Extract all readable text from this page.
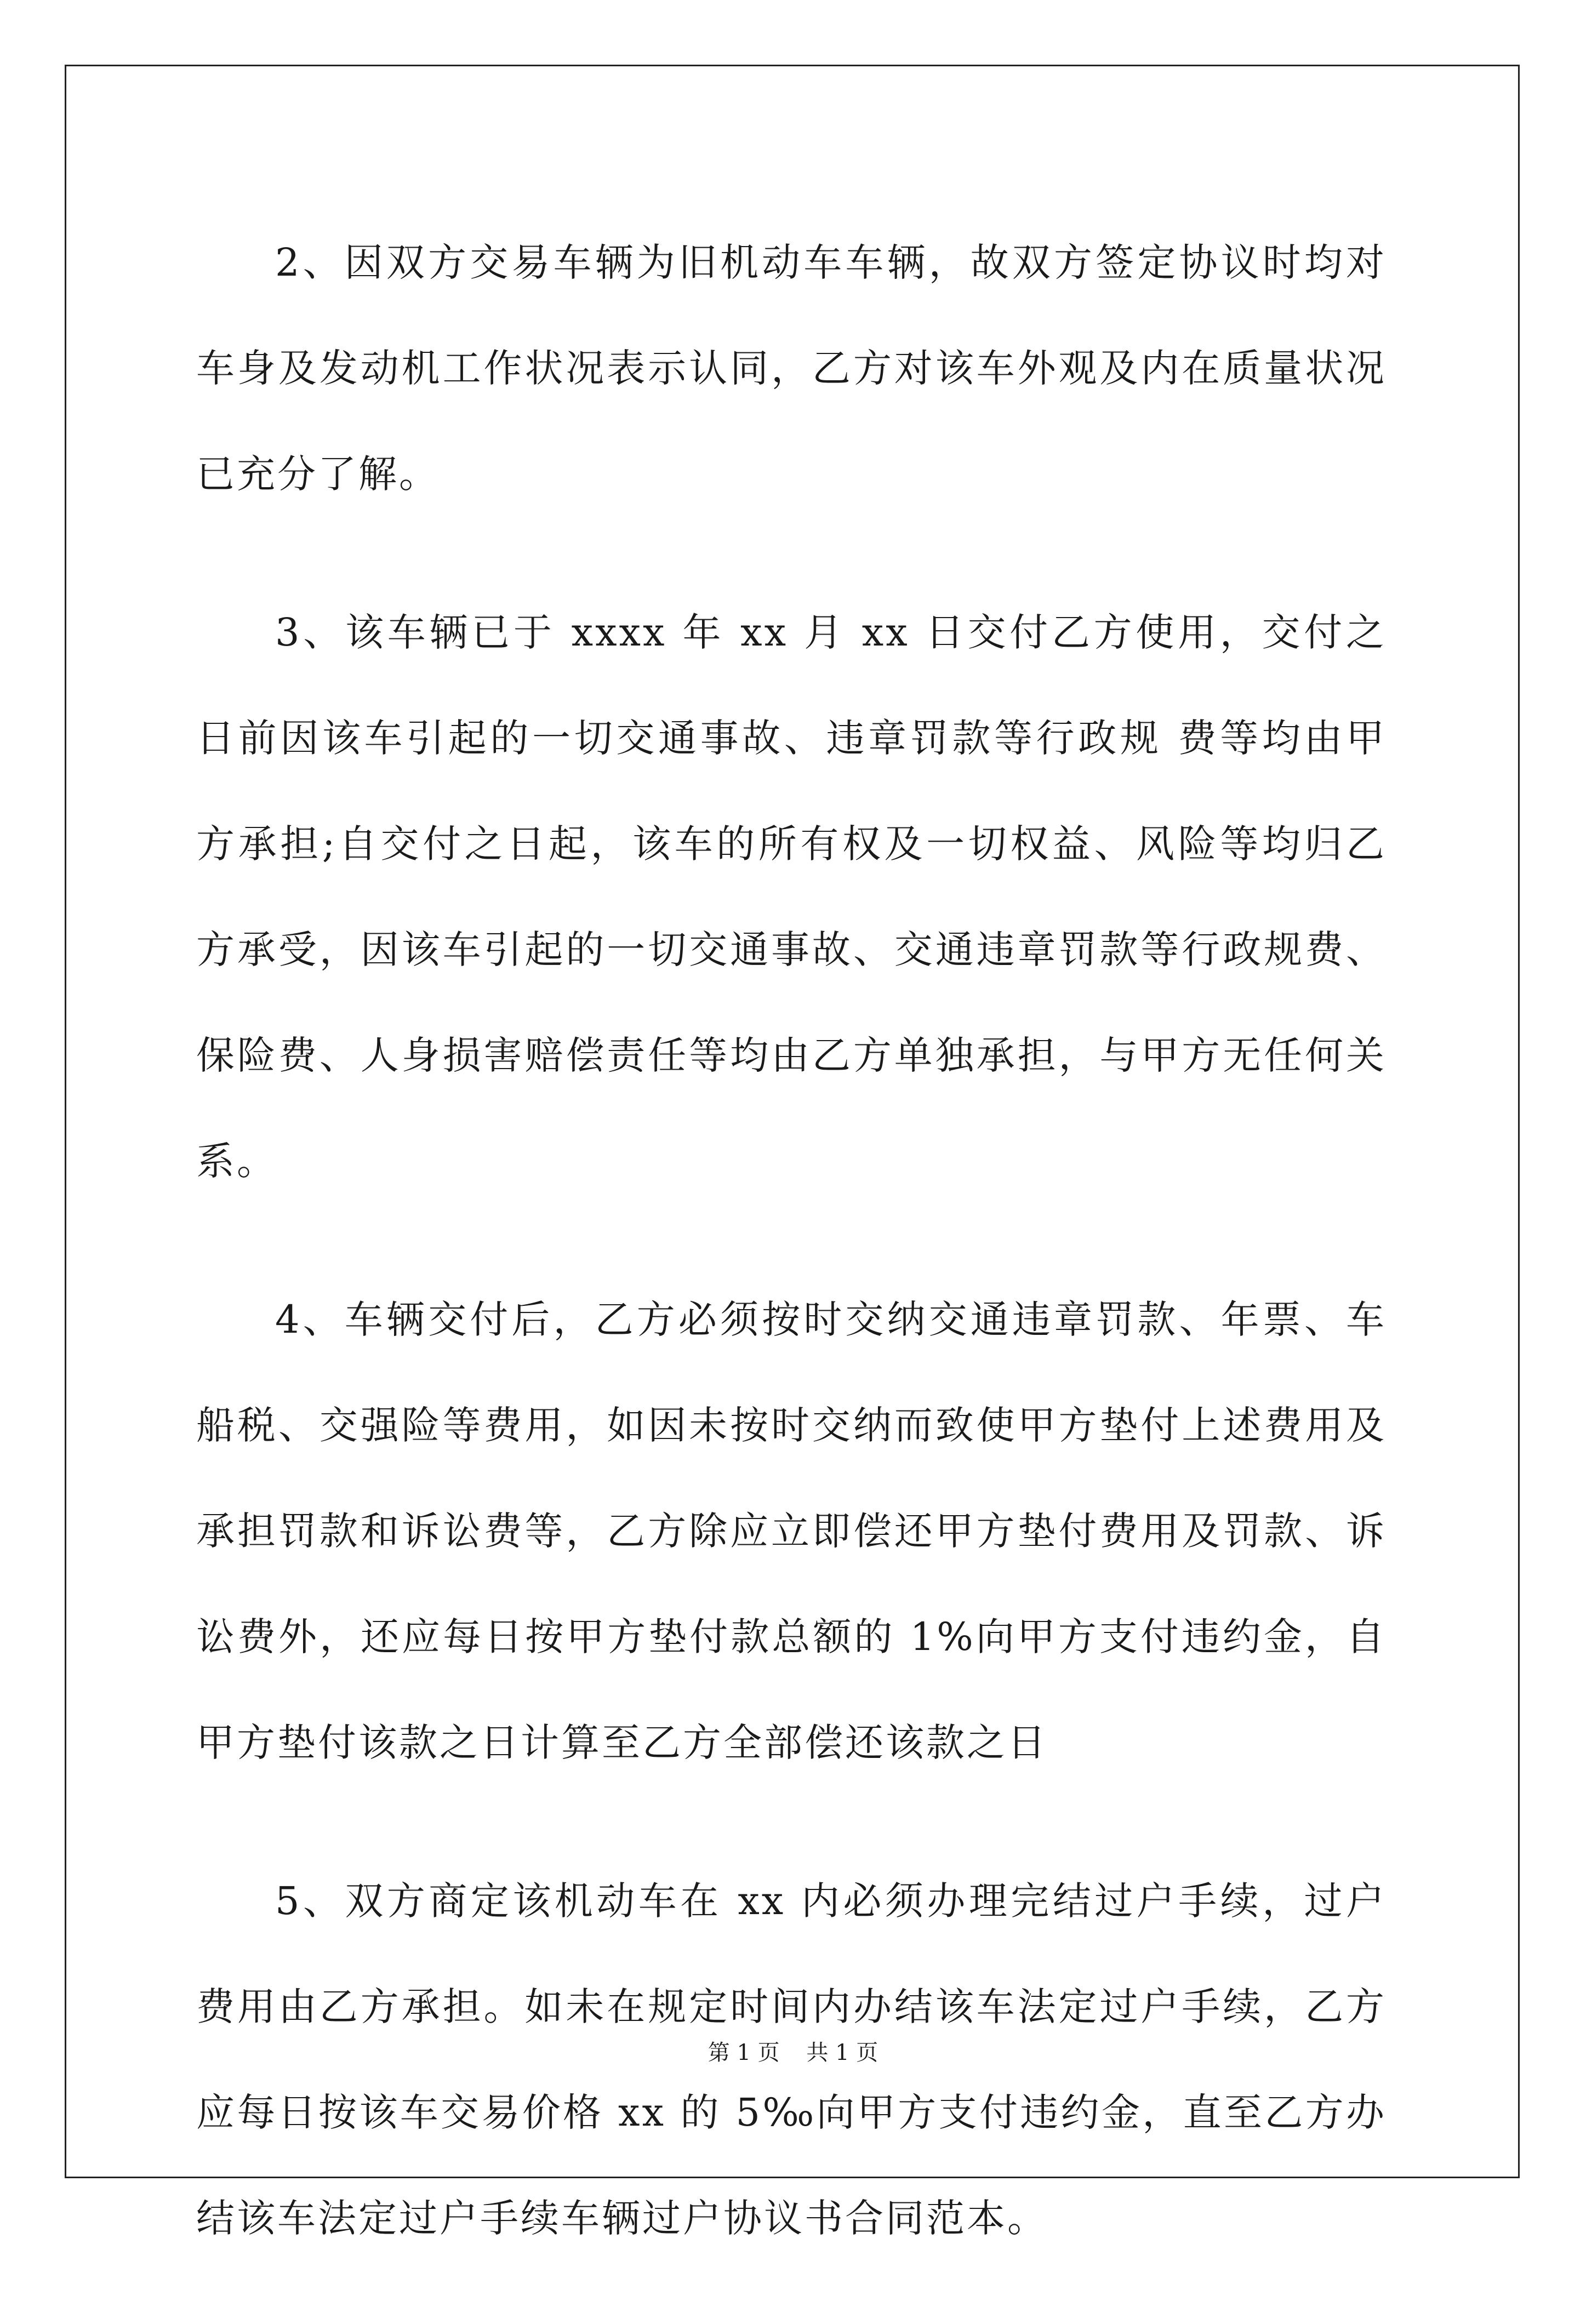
2、因双方交易车辆为旧机动车车辆，故双方签定协议时均对车身及发动机工作状况表示认同，乙方对该车外观及内在质量状况已充分了解。

3、该车辆已于 xxxx 年 xx 月 xx 日交付乙方使用，交付之日前因该车引起的一切交通事故、违章罚款等行政规 费等均由甲方承担;自交付之日起，该车的所有权及一切权益、风险等均归乙方承受，因该车引起的一切交通事故、交通违章罚款等行政规费、保险费、人身损害赔偿责任等均由乙方单独承担，与甲方无任何关系。

4、车辆交付后，乙方必须按时交纳交通违章罚款、年票、车船税、交强险等费用，如因未按时交纳而致使甲方垫付上述费用及承担罚款和诉讼费等，乙方除应立即偿还甲方垫付费用及罚款、诉讼费外，还应每日按甲方垫付款总额的 1%向甲方支付违约金，自甲方垫付该款之日计算至乙方全部偿还该款之日

5、双方商定该机动车在 xx 内必须办理完结过户手续，过户费用由乙方承担。如未在规定时间内办结该车法定过户手续，乙方应每日按该车交易价格 xx 的 5‰向甲方支付违约金，直至乙方办结该车法定过户手续车辆过户协议书合同范本。

第 1 页 共 1 页
